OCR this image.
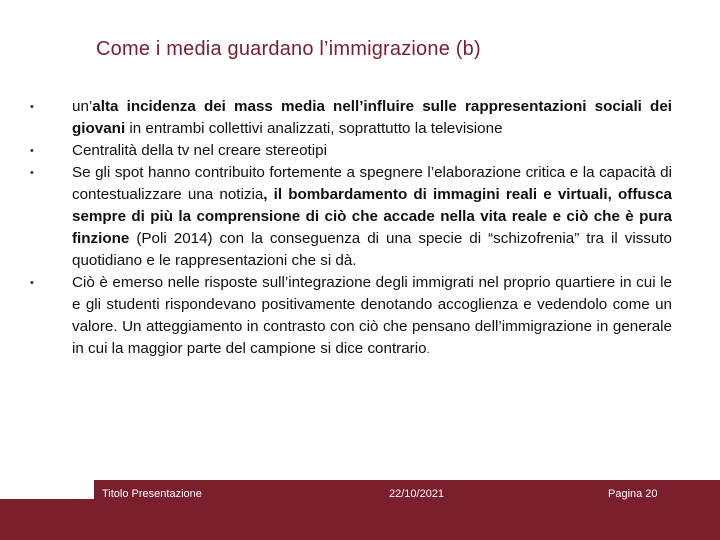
Come i media guardano l’immigrazione (b)
•	un’alta incidenza dei mass media nell’influire sulle rappresentazioni sociali dei giovani in entrambi collettivi analizzati, soprattutto la televisione
•	Centralità della tv nel creare stereotipi
•	Se gli spot hanno contribuito fortemente a spegnere l’elaborazione critica e la capacità di contestualizzare una notizia, il bombardamento di immagini reali e virtuali, offusca sempre di più la comprensione di ciò che accade nella vita reale e ciò che è pura finzione (Poli 2014) con la conseguenza di una specie di “schizofrenia” tra il vissuto quotidiano e le rappresentazioni che si dà.
•	Ciò è emerso nelle risposte sull’integrazione degli immigrati nel proprio quartiere in cui le e gli studenti rispondevano positivamente denotando accoglienza e vedendolo come un valore. Un atteggiamento in contrasto con ciò che pensano dell’immigrazione in generale in cui la maggior parte del campione si dice contrario.
Titolo Presentazione	22/10/2021	Pagina 20
